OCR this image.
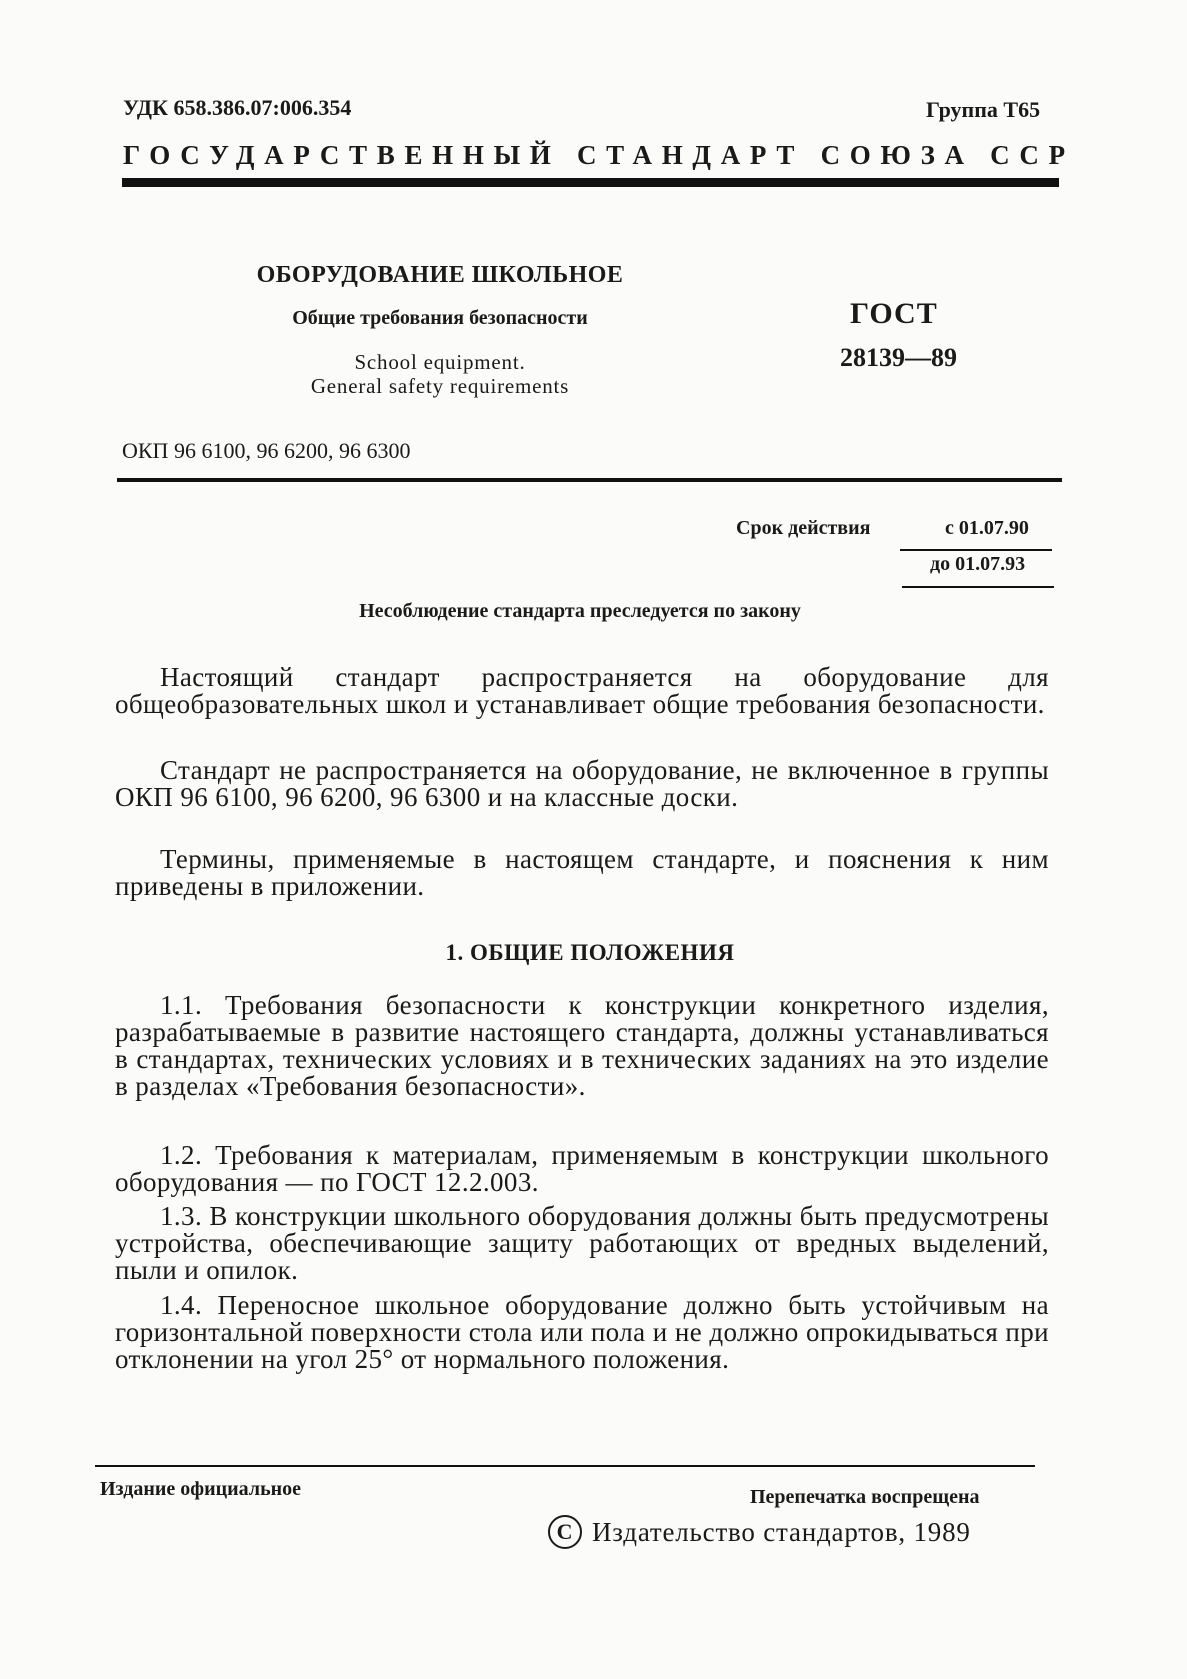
УДК 658.386.07:006.354	Группа Т65
ГОСУДАРСТВЕННЫЙ СТАНДАРТ СОЮЗА ССР
ОБОРУДОВАНИЕ ШКОЛЬНОЕ
Общие требования безопасности
School equipment.
General safety requirements
ГОСТ
28139—89
ОКП 96 6100, 96 6200, 96 6300
Срок действия	с 01.07.90
до 01.07.93
Несоблюдение стандарта преследуется по закону

Настоящий стандарт распространяется на оборудование для общеобразовательных школ и устанавливает общие требования безопасности.

Стандарт не распространяется на оборудование, не включенное в группы ОКП 96 6100, 96 6200, 96 6300 и на классные доски.

Термины, применяемые в настоящем стандарте, и пояснения к ним приведены в приложении.

1. ОБЩИЕ ПОЛОЖЕНИЯ

1.1. Требования безопасности к конструкции конкретного изделия, разрабатываемые в развитие настоящего стандарта, должны устанавливаться в стандартах, технических условиях и в технических заданиях на это изделие в разделах «Требования безопасности».

1.2. Требования к материалам, применяемым в конструкции школьного оборудования — по ГОСТ 12.2.003.

1.3. В конструкции школьного оборудования должны быть предусмотрены устройства, обеспечивающие защиту работающих от вредных выделений, пыли и опилок.

1.4. Переносное школьное оборудование должно быть устойчивым на горизонтальной поверхности стола или пола и не должно опрокидываться при отклонении на угол 25° от нормального положения.

Издание официальное	Перепечатка воспрещена
С Издательство стандартов, 1989
